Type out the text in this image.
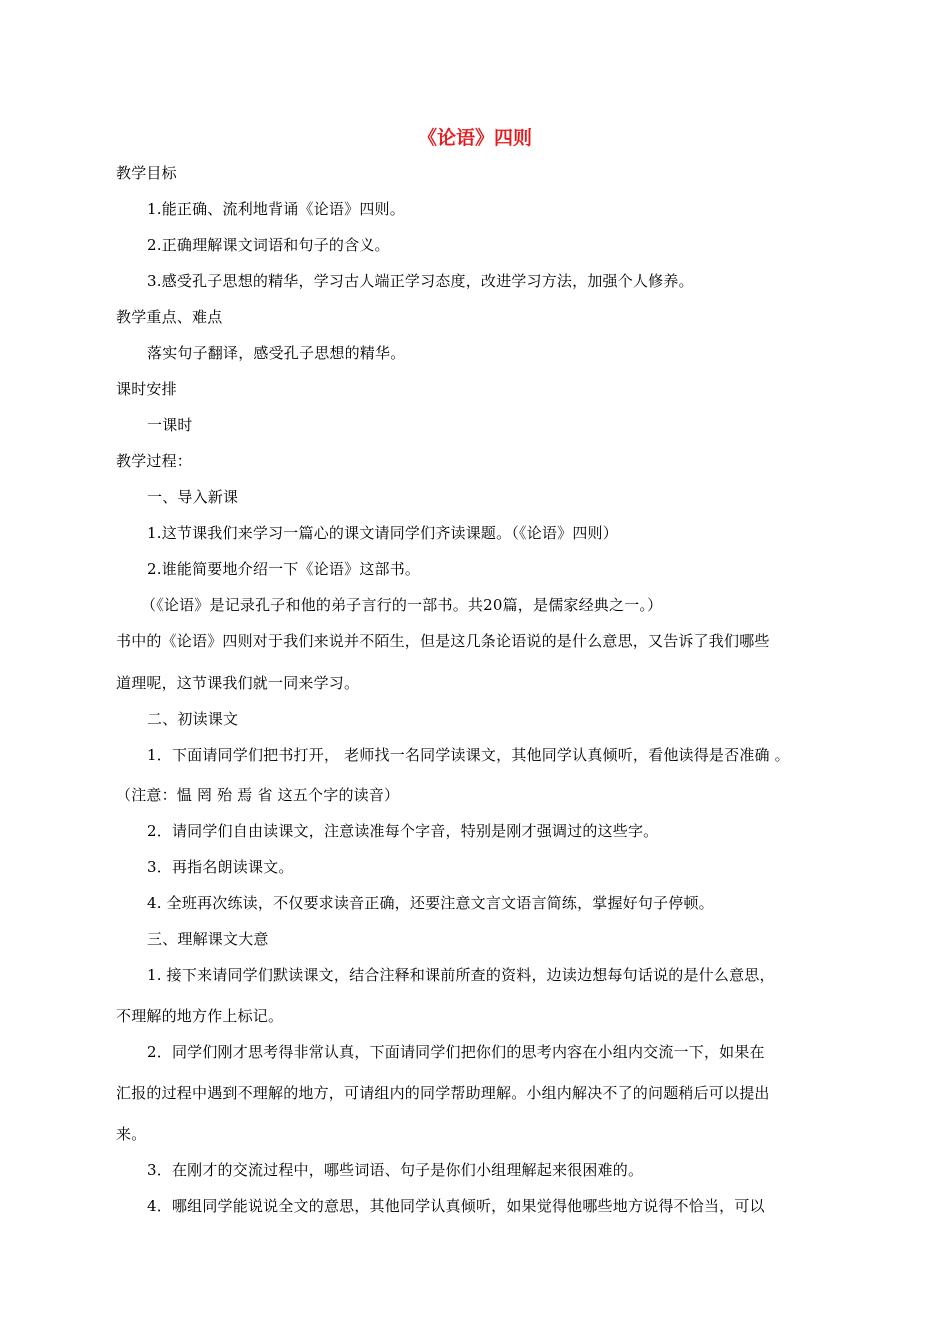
《论语》四则
教学目标
1.能正确、流利地背诵《论语》四则。
2.正确理解课文词语和句子的含义。
3.感受孔子思想的精华，学习古人端正学习态度，改进学习方法，加强个人修养。
教学重点、难点
落实句子翻译，感受孔子思想的精华。
课时安排
一课时
教学过程：
一、导入新课
1.这节课我们来学习一篇心的课文请同学们齐读课题。（《论语》四则）
2.谁能简要地介绍一下《论语》这部书。
（《论语》是记录孔子和他的弟子言行的一部书。共20篇，是儒家经典之一。）
书中的《论语》四则对于我们来说并不陌生，但是这几条论语说的是什么意思，又告诉了我们哪些
道理呢，这节课我们就一同来学习。
二、初读课文
1．下面请同学们把书打开， 老师找一名同学读课文，其他同学认真倾听，看他读得是否准确 。
（注意：愠 罔 殆 焉 省 这五个字的读音）
2．请同学们自由读课文，注意读准每个字音，特别是刚才强调过的这些字。
3．再指名朗读课文。
4. 全班再次练读，不仅要求读音正确，还要注意文言文语言简练，掌握好句子停顿。
三、理解课文大意
1. 接下来请同学们默读课文，结合注释和课前所查的资料，边读边想每句话说的是什么意思，
不理解的地方作上标记。
2．同学们刚才思考得非常认真，下面请同学们把你们的思考内容在小组内交流一下，如果在
汇报的过程中遇到不理解的地方，可请组内的同学帮助理解。小组内解决不了的问题稍后可以提出
来。
3．在刚才的交流过程中，哪些词语、句子是你们小组理解起来很困难的。
4．哪组同学能说说全文的意思，其他同学认真倾听，如果觉得他哪些地方说得不恰当，可以
